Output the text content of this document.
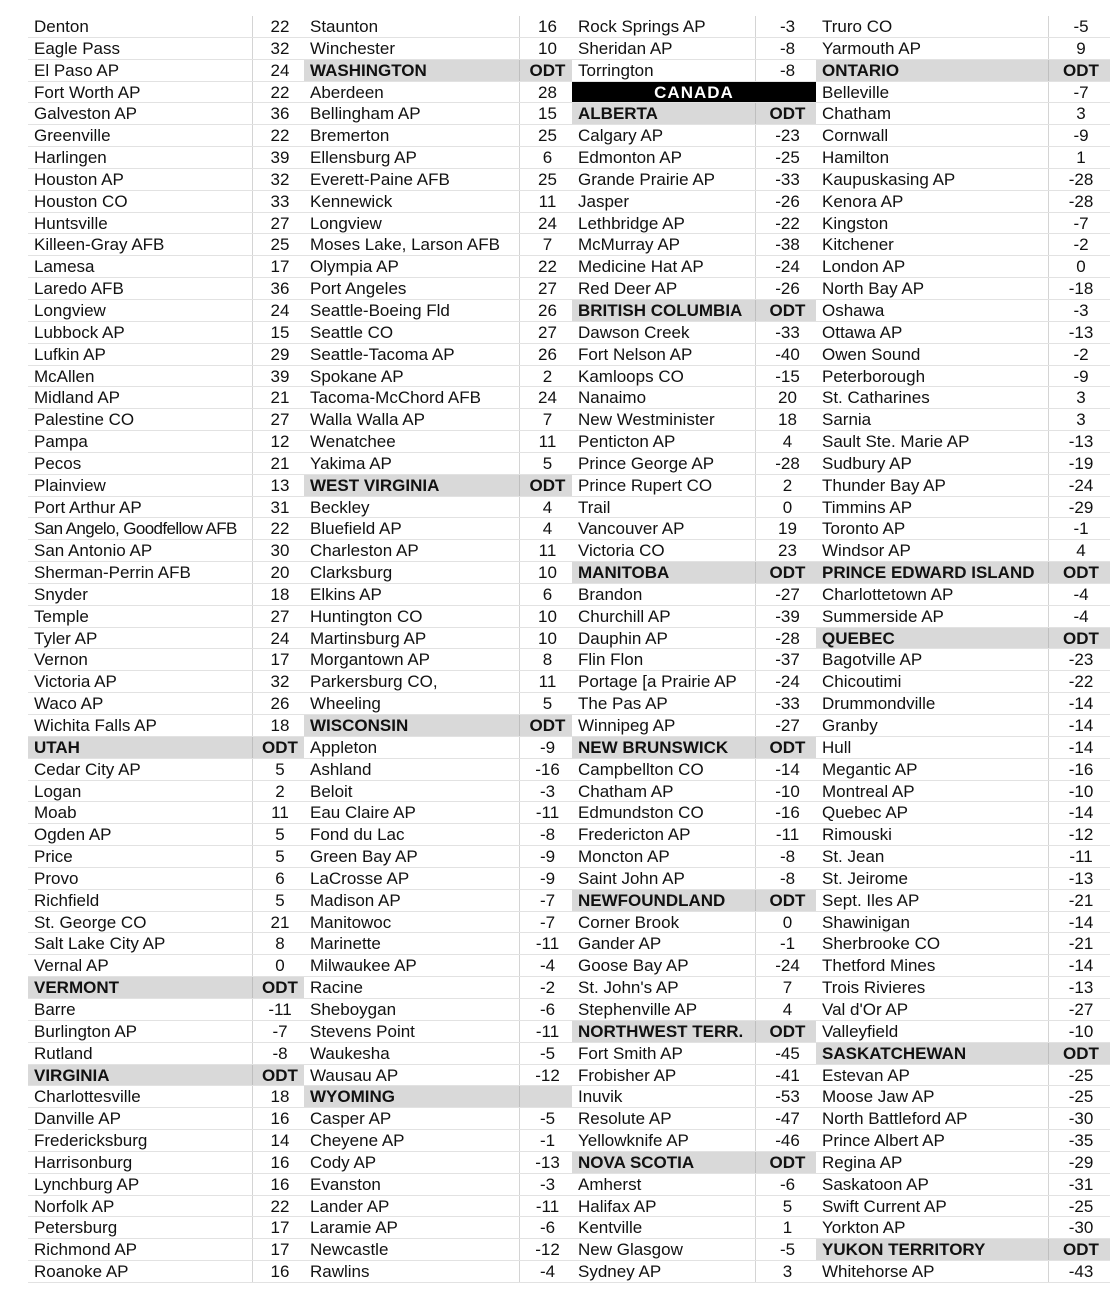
Denton	22
Eagle Pass	32
El Paso AP	24
Fort Worth AP	22
Galveston AP	36
Greenville	22
Harlingen	39
Houston AP	32
Houston CO	33
Huntsville	27
Killeen-Gray AFB	25
Lamesa	17
Laredo AFB	36
Longview	24
Lubbock AP	15
Lufkin AP	29
McAllen	39
Midland AP	21
Palestine CO	27
Pampa	12
Pecos	21
Plainview	13
Port Arthur AP	31
San Angelo, Goodfellow AFB	22
San Antonio AP	30
Sherman-Perrin AFB	20
Snyder	18
Temple	27
Tyler AP	24
Vernon	17
Victoria AP	32
Waco AP	26
Wichita Falls AP	18
UTAH	ODT
Cedar City AP	5
Logan	2
Moab	11
Ogden AP	5
Price	5
Provo	6
Richfield	5
St. George CO	21
Salt Lake City AP	8
Vernal AP	0
VERMONT	ODT
Barre	-11
Burlington AP	-7
Rutland	-8
VIRGINIA	ODT
Charlottesville	18
Danville AP	16
Fredericksburg	14
Harrisonburg	16
Lynchburg AP	16
Norfolk AP	22
Petersburg	17
Richmond AP	17
Roanoke AP	16
Staunton	16
Winchester	10
WASHINGTON	ODT
Aberdeen	28
Bellingham AP	15
Bremerton	25
Ellensburg AP	6
Everett-Paine AFB	25
Kennewick	11
Longview	24
Moses Lake, Larson AFB	7
Olympia AP	22
Port Angeles	27
Seattle-Boeing Fld	26
Seattle CO	27
Seattle-Tacoma AP	26
Spokane AP	2
Tacoma-McChord AFB	24
Walla Walla AP	7
Wenatchee	11
Yakima AP	5
WEST VIRGINIA	ODT
Beckley	4
Bluefield AP	4
Charleston AP	11
Clarksburg	10
Elkins AP	6
Huntington CO	10
Martinsburg AP	10
Morgantown AP	8
Parkersburg CO,	11
Wheeling	5
WISCONSIN	ODT
Appleton	-9
Ashland	-16
Beloit	-3
Eau Claire AP	-11
Fond du Lac	-8
Green Bay AP	-9
LaCrosse AP	-9
Madison AP	-7
Manitowoc	-7
Marinette	-11
Milwaukee AP	-4
Racine	-2
Sheboygan	-6
Stevens Point	-11
Waukesha	-5
Wausau AP	-12
WYOMING
Casper AP	-5
Cheyene AP	-1
Cody AP	-13
Evanston	-3
Lander AP	-11
Laramie AP	-6
Newcastle	-12
Rawlins	-4
Rock Springs AP	-3
Sheridan AP	-8
Torrington	-8
CANADA
ALBERTA	ODT
Calgary AP	-23
Edmonton AP	-25
Grande Prairie AP	-33
Jasper	-26
Lethbridge AP	-22
McMurray AP	-38
Medicine Hat AP	-24
Red Deer AP	-26
BRITISH COLUMBIA	ODT
Dawson Creek	-33
Fort Nelson AP	-40
Kamloops CO	-15
Nanaimo	20
New Westminister	18
Penticton AP	4
Prince George AP	-28
Prince Rupert CO	2
Trail	0
Vancouver AP	19
Victoria CO	23
MANITOBA	ODT
Brandon	-27
Churchill AP	-39
Dauphin AP	-28
Flin Flon	-37
Portage [a Prairie AP	-24
The Pas AP	-33
Winnipeg AP	-27
NEW BRUNSWICK	ODT
Campbellton CO	-14
Chatham AP	-10
Edmundston CO	-16
Fredericton AP	-11
Moncton AP	-8
Saint John AP	-8
NEWFOUNDLAND	ODT
Corner Brook	0
Gander AP	-1
Goose Bay AP	-24
St. John's AP	7
Stephenville AP	4
NORTHWEST TERR.	ODT
Fort Smith AP	-45
Frobisher AP	-41
Inuvik	-53
Resolute AP	-47
Yellowknife AP	-46
NOVA SCOTIA	ODT
Amherst	-6
Halifax AP	5
Kentville	1
New Glasgow	-5
Sydney AP	3
Truro CO	-5
Yarmouth AP	9
ONTARIO	ODT
Belleville	-7
Chatham	3
Cornwall	-9
Hamilton	1
Kaupuskasing AP	-28
Kenora AP	-28
Kingston	-7
Kitchener	-2
London AP	0
North Bay AP	-18
Oshawa	-3
Ottawa AP	-13
Owen Sound	-2
Peterborough	-9
St. Catharines	3
Sarnia	3
Sault Ste. Marie AP	-13
Sudbury AP	-19
Thunder Bay AP	-24
Timmins AP	-29
Toronto AP	-1
Windsor AP	4
PRINCE EDWARD ISLAND	ODT
Charlottetown AP	-4
Summerside AP	-4
QUEBEC	ODT
Bagotville AP	-23
Chicoutimi	-22
Drummondville	-14
Granby	-14
Hull	-14
Megantic AP	-16
Montreal AP	-10
Quebec AP	-14
Rimouski	-12
St. Jean	-11
St. Jeirome	-13
Sept. Iles AP	-21
Shawinigan	-14
Sherbrooke CO	-21
Thetford Mines	-14
Trois Rivieres	-13
Val d'Or AP	-27
Valleyfield	-10
SASKATCHEWAN	ODT
Estevan AP	-25
Moose Jaw AP	-25
North Battleford AP	-30
Prince Albert AP	-35
Regina AP	-29
Saskatoon AP	-31
Swift Current AP	-25
Yorkton AP	-30
YUKON TERRITORY	ODT
Whitehorse AP	-43
